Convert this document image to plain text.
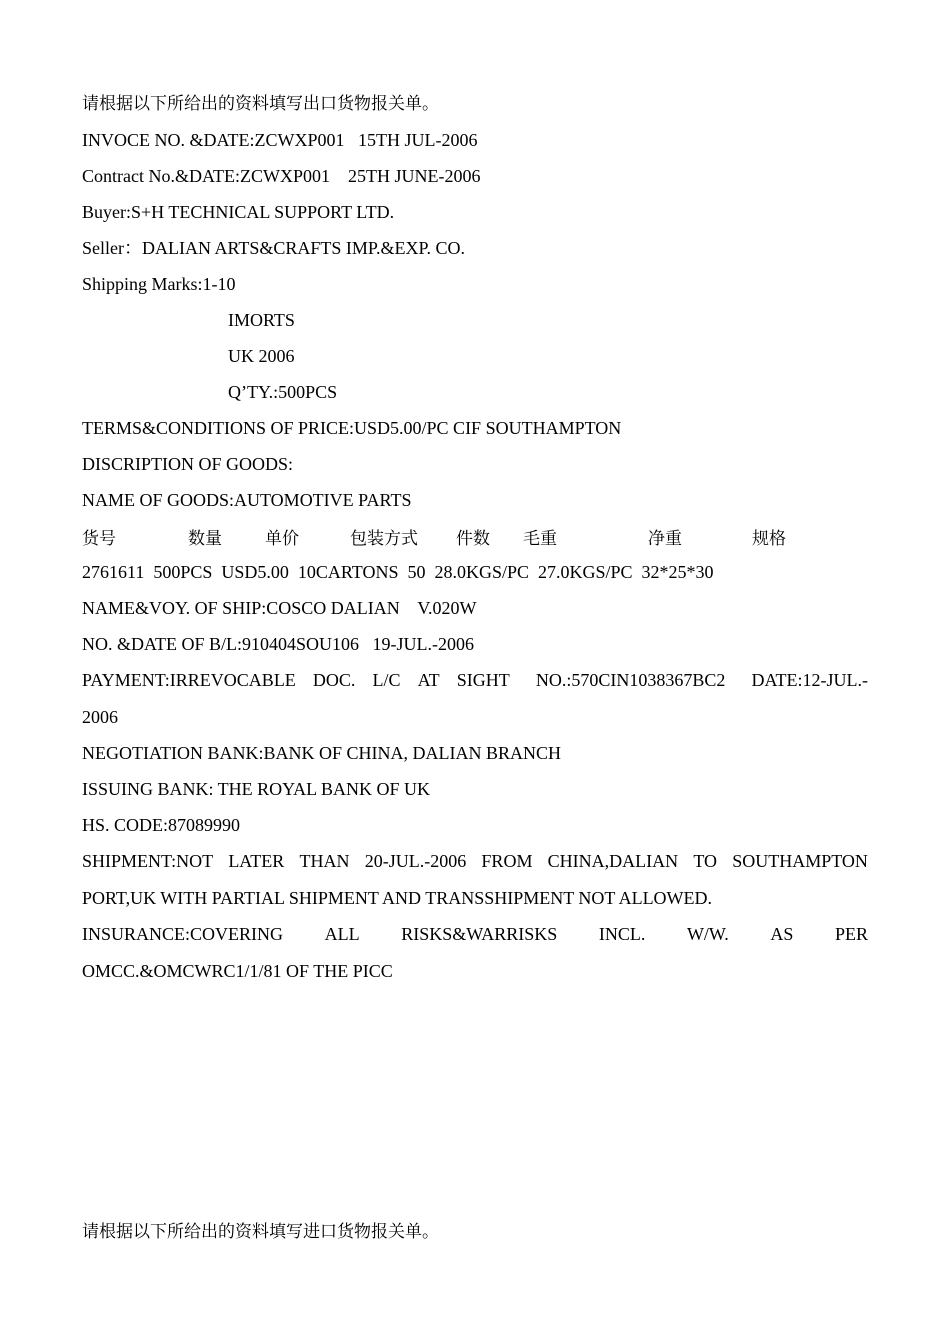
请根据以下所给出的资料填写出口货物报关单。
INVOCE NO. &DATE:ZCWXP001   15TH JUL-2006
Contract No.&DATE:ZCWXP001    25TH JUNE-2006
Buyer:S+H TECHNICAL SUPPORT LTD.
Seller：DALIAN ARTS&CRAFTS IMP.&EXP. CO.
Shipping Marks:1-10
IMORTS
UK 2006
Q’TY.:500PCS
TERMS&CONDITIONS OF PRICE:USD5.00/PC CIF SOUTHAMPTON
DISCRIPTION OF GOODS:
NAME OF GOODS:AUTOMOTIVE PARTS
货号	数量	单价	包装方式 件数 毛重	净重	规格
2761611  500PCS  USD5.00  10CARTONS  50  28.0KGS/PC  27.0KGS/PC  32*25*30
NAME&VOY. OF SHIP:COSCO DALIAN    V.020W
NO. &DATE OF B/L:910404SOU106   19-JUL.-2006
PAYMENT:IRREVOCABLE DOC. L/C AT SIGHT NO.:570CIN1038367BC2 DATE:12-JUL.-
2006
NEGOTIATION BANK:BANK OF CHINA, DALIAN BRANCH
ISSUING BANK: THE ROYAL BANK OF UK
HS. CODE:87089990
SHIPMENT:NOT LATER THAN 20-JUL.-2006 FROM CHINA,DALIAN TO SOUTHAMPTON
PORT,UK WITH PARTIAL SHIPMENT AND TRANSSHIPMENT NOT ALLOWED.
INSURANCE:COVERING ALL RISKS&WARRISKS INCL. W/W. AS PER
OMCC.&OMCWRC1/1/81 OF THE PICC
请根据以下所给出的资料填写进口货物报关单。
